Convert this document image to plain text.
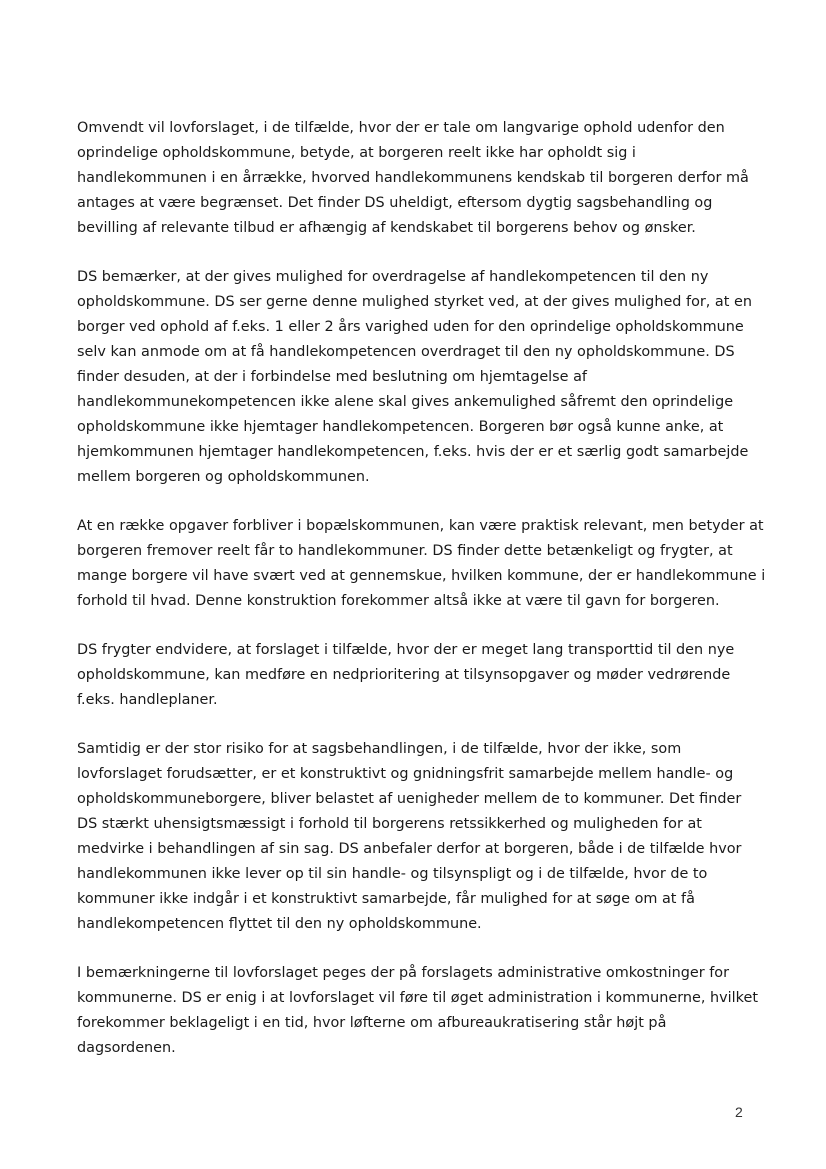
Omvendt vil lovforslaget, i de tilfælde, hvor der er tale om langvarige ophold udenfor den
oprindelige opholdskommune, betyde, at borgeren reelt ikke har opholdt sig i
handlekommunen i en årrække, hvorved handlekommunens kendskab til borgeren derfor må
antages at være begrænset. Det finder DS uheldigt, eftersom dygtig sagsbehandling og
bevilling af relevante tilbud er afhængig af kendskabet til borgerens behov og ønsker.

DS bemærker, at der gives mulighed for overdragelse af handlekompetencen til den ny
opholdskommune. DS ser gerne denne mulighed styrket ved, at der gives mulighed for, at en
borger ved ophold af f.eks. 1 eller 2 års varighed uden for den oprindelige opholdskommune
selv kan anmode om at få handlekompetencen overdraget til den ny opholdskommune. DS
finder desuden, at der i forbindelse med beslutning om hjemtagelse af
handlekommunekompetencen ikke alene skal gives ankemulighed såfremt den oprindelige
opholdskommune ikke hjemtager handlekompetencen. Borgeren bør også kunne anke, at
hjemkommunen hjemtager handlekompetencen, f.eks. hvis der er et særlig godt samarbejde
mellem borgeren og opholdskommunen.

At en række opgaver forbliver i bopælskommunen, kan være praktisk relevant, men betyder at
borgeren fremover reelt får to handlekommuner. DS finder dette betænkeligt og frygter, at
mange borgere vil have svært ved at gennemskue, hvilken kommune, der er handlekommune i
forhold til hvad. Denne konstruktion forekommer altså ikke at være til gavn for borgeren.

DS frygter endvidere, at forslaget i tilfælde, hvor der er meget lang transporttid til den nye
opholdskommune, kan medføre en nedprioritering at tilsynsopgaver og møder vedrørende
f.eks. handleplaner.

Samtidig er der stor risiko for at sagsbehandlingen, i de tilfælde, hvor der ikke, som
lovforslaget forudsætter, er et konstruktivt og gnidningsfrit samarbejde mellem handle- og
opholdskommuneborgere, bliver belastet af uenigheder mellem de to kommuner. Det finder
DS stærkt uhensigtsmæssigt i forhold til borgerens retssikkerhed og muligheden for at
medvirke i behandlingen af sin sag. DS anbefaler derfor at borgeren, både i de tilfælde hvor
handlekommunen ikke lever op til sin handle- og tilsynspligt og i de tilfælde, hvor de to
kommuner ikke indgår i et konstruktivt samarbejde, får mulighed for at søge om at få
handlekompetencen flyttet til den ny opholdskommune.

I bemærkningerne til lovforslaget peges der på forslagets administrative omkostninger for
kommunerne. DS er enig i at lovforslaget vil føre til øget administration i kommunerne, hvilket
forekommer beklageligt i en tid, hvor løfterne om afbureaukratisering står højt på
dagsordenen.

2
